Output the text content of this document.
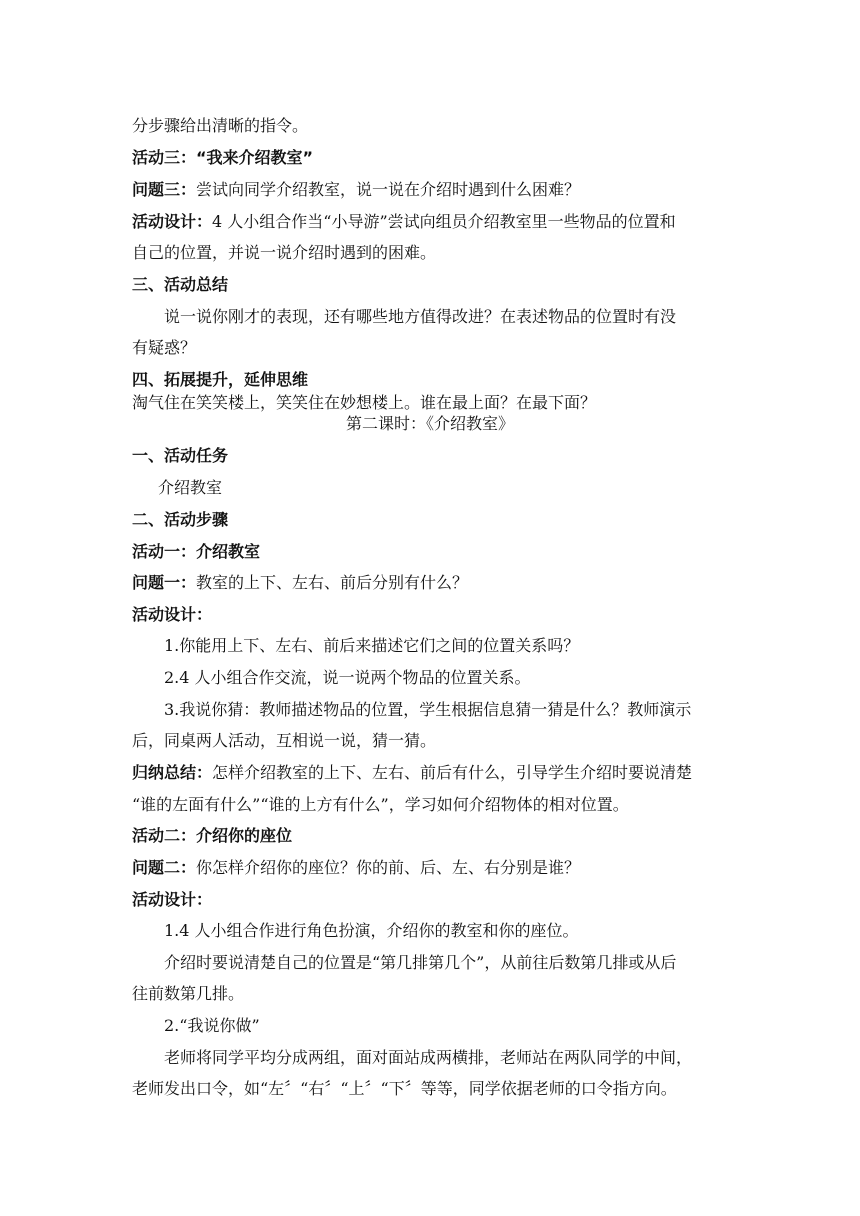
分步骤给出清晰的指令。
活动三：“我来介绍教室”
问题三：尝试向同学介绍教室，说一说在介绍时遇到什么困难？
活动设计：4 人小组合作当“小导游”尝试向组员介绍教室里一些物品的位置和
自己的位置，并说一说介绍时遇到的困难。
三、活动总结
说一说你刚才的表现，还有哪些地方值得改进？在表述物品的位置时有没
有疑惑？
四、拓展提升，延伸思维
淘气住在笑笑楼上，笑笑住在妙想楼上。谁在最上面？在最下面？
第二课时：《介绍教室》
一、活动任务
介绍教室
二、活动步骤
活动一：介绍教室
问题一：教室的上下、左右、前后分别有什么？
活动设计：
1.你能用上下、左右、前后来描述它们之间的位置关系吗？
2.4 人小组合作交流，说一说两个物品的位置关系。
3.我说你猜：教师描述物品的位置，学生根据信息猜一猜是什么？教师演示
后，同桌两人活动，互相说一说，猜一猜。
归纳总结：怎样介绍教室的上下、左右、前后有什么，引导学生介绍时要说清楚
“谁的左面有什么”“谁的上方有什么”，学习如何介绍物体的相对位置。
活动二：介绍你的座位
问题二：你怎样介绍你的座位？你的前、后、左、右分别是谁？
活动设计：
1.4 人小组合作进行角色扮演，介绍你的教室和你的座位。
介绍时要说清楚自己的位置是“第几排第几个”，从前往后数第几排或从后
往前数第几排。
2.“我说你做”
老师将同学平均分成两组，面对面站成两横排，老师站在两队同学的中间，
老师发出口令，如“左〞“右〞“上〞“下〞等等，同学依据老师的口令指方向。
